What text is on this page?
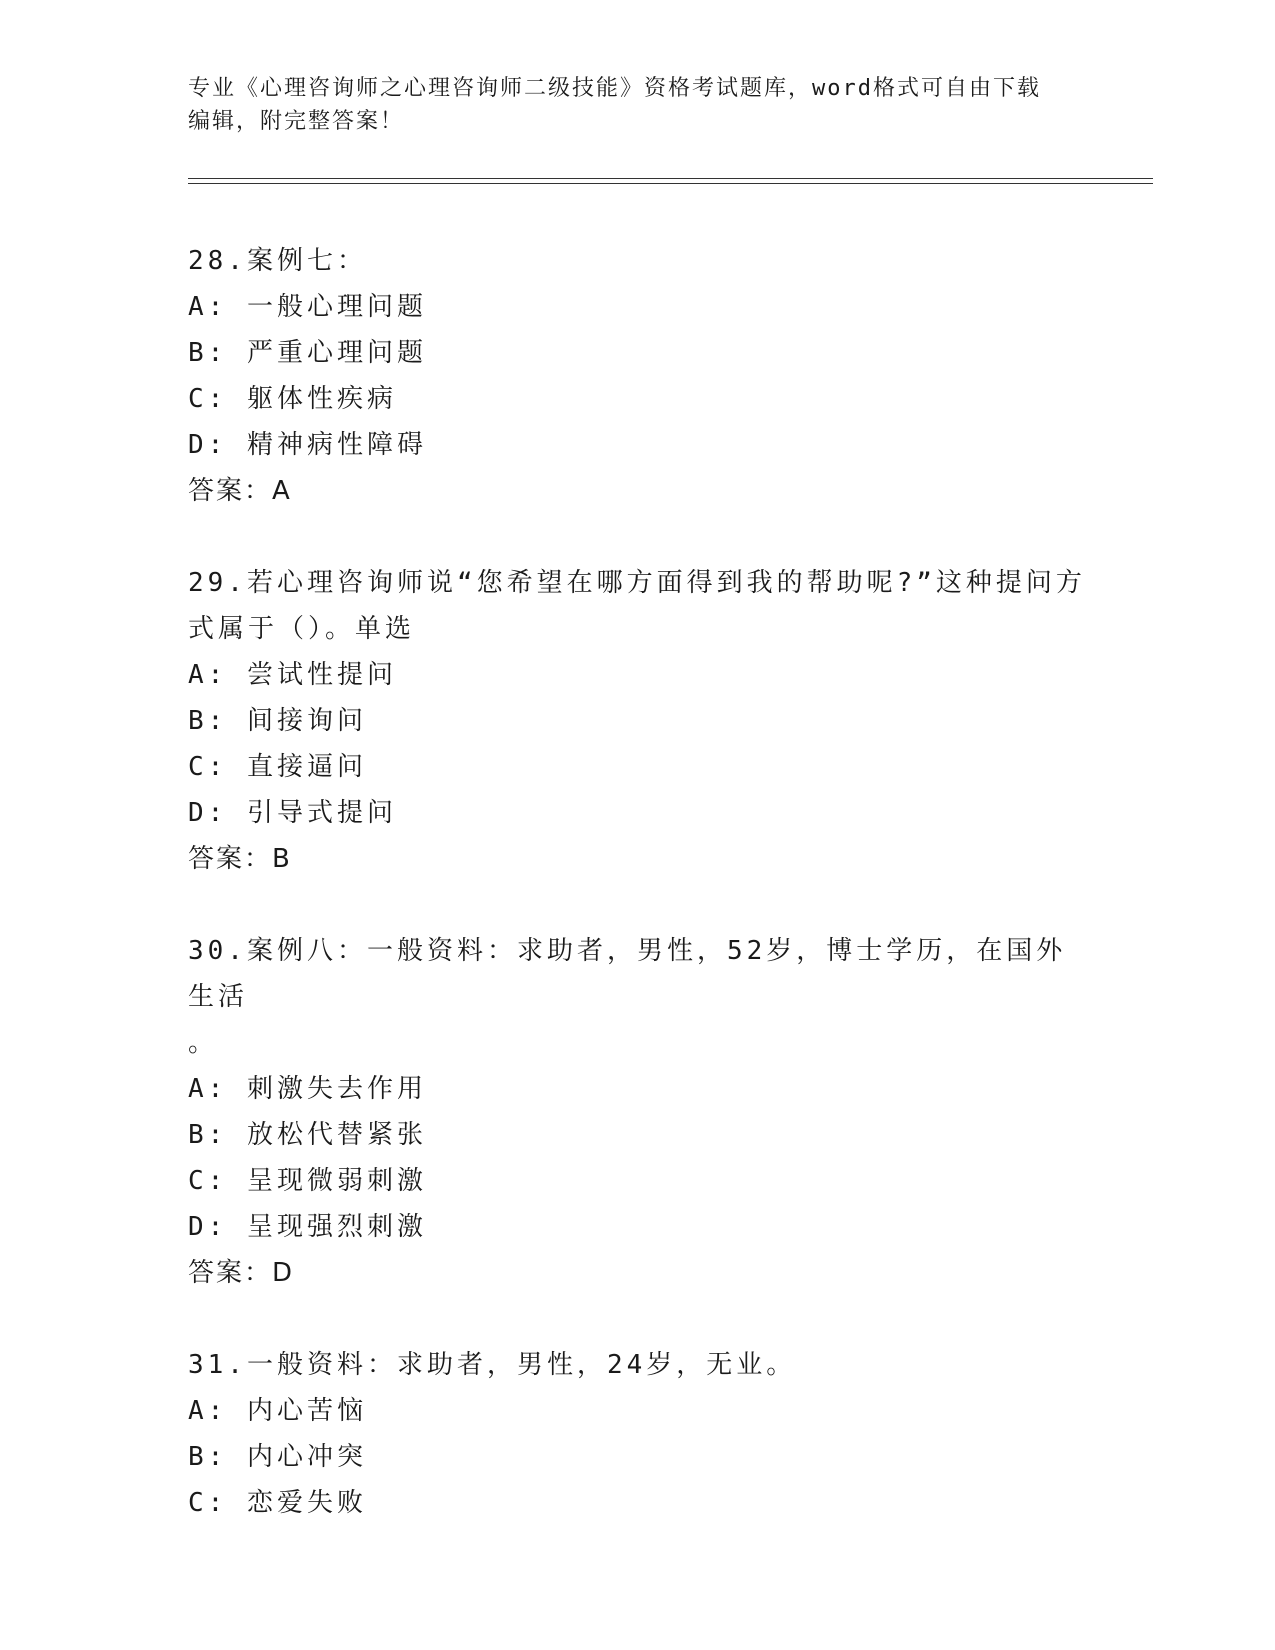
专业《心理咨询师之心理咨询师二级技能》资格考试题库，word格式可自由下载
编辑，附完整答案！
28.案例七：
A: 一般心理问题
B: 严重心理问题
C: 躯体性疾病
D: 精神病性障碍
答案：A
29.若心理咨询师说“您希望在哪方面得到我的帮助呢?”这种提问方
式属于（）。单选
A: 尝试性提问
B: 间接询问
C: 直接逼问
D: 引导式提问
答案：B
30.案例八：一般资料：求助者，男性，52岁，博士学历，在国外生活
。
A: 刺激失去作用
B: 放松代替紧张
C: 呈现微弱刺激
D: 呈现强烈刺激
答案：D
31.一般资料：求助者，男性，24岁，无业。
A: 内心苦恼
B: 内心冲突
C: 恋爱失败
